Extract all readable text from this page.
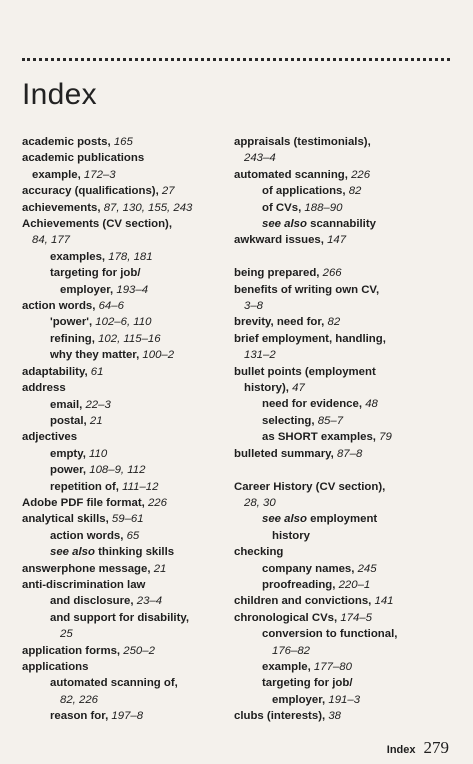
Index
academic posts, 165
academic publications
example, 172–3
accuracy (qualifications), 27
achievements, 87, 130, 155, 243
Achievements (CV section),
84, 177
examples, 178, 181
targeting for job/
employer, 193–4
action words, 64–6
'power', 102–6, 110
refining, 102, 115–16
why they matter, 100–2
adaptability, 61
address
email, 22–3
postal, 21
adjectives
empty, 110
power, 108–9, 112
repetition of, 111–12
Adobe PDF file format, 226
analytical skills, 59–61
action words, 65
see also thinking skills
answerphone message, 21
anti-discrimination law
and disclosure, 23–4
and support for disability,
25
application forms, 250–2
applications
automated scanning of,
82, 226
reason for, 197–8
appraisals (testimonials),
243–4
automated scanning, 226
of applications, 82
of CVs, 188–90
see also scannability
awkward issues, 147
being prepared, 266
benefits of writing own CV,
3–8
brevity, need for, 82
brief employment, handling,
131–2
bullet points (employment
history), 47
need for evidence, 48
selecting, 85–7
as SHORT examples, 79
bulleted summary, 87–8
Career History (CV section),
28, 30
see also employment
history
checking
company names, 245
proofreading, 220–1
children and convictions, 141
chronological CVs, 174–5
conversion to functional,
176–82
example, 177–80
targeting for job/
employer, 191–3
clubs (interests), 38
Index 279
